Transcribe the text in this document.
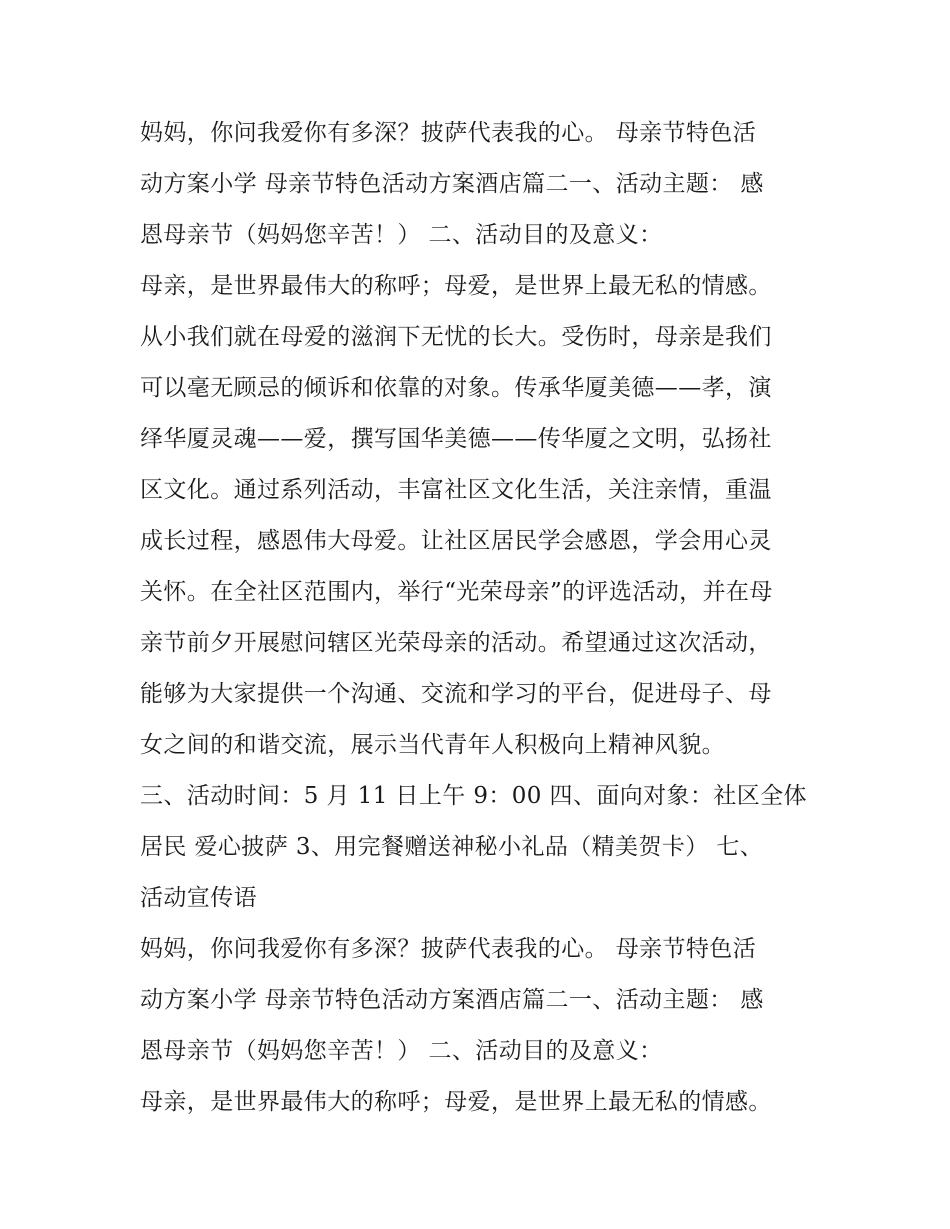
妈妈，你问我爱你有多深？披萨代表我的心。 母亲节特色活
动方案小学 母亲节特色活动方案酒店篇二一、活动主题： 感
恩母亲节（妈妈您辛苦！） 二、活动目的及意义：
母亲，是世界最伟大的称呼；母爱，是世界上最无私的情感。
从小我们就在母爱的滋润下无忧的长大。受伤时，母亲是我们
可以毫无顾忌的倾诉和依靠的对象。传承华厦美德——孝，演
绎华厦灵魂——爱，撰写国华美德——传华厦之文明，弘扬社
区文化。通过系列活动，丰富社区文化生活，关注亲情，重温
成长过程，感恩伟大母爱。让社区居民学会感恩，学会用心灵
关怀。在全社区范围内，举行“光荣母亲”的评选活动，并在母
亲节前夕开展慰问辖区光荣母亲的活动。希望通过这次活动，
能够为大家提供一个沟通、交流和学习的平台，促进母子、母
女之间的和谐交流，展示当代青年人积极向上精神风貌。
三、活动时间：5 月 11 日上午 9：00 四、面向对象：社区全体
居民 爱心披萨 3、用完餐赠送神秘小礼品（精美贺卡） 七、
活动宣传语
妈妈，你问我爱你有多深？披萨代表我的心。 母亲节特色活
动方案小学 母亲节特色活动方案酒店篇二一、活动主题： 感
恩母亲节（妈妈您辛苦！） 二、活动目的及意义：
母亲，是世界最伟大的称呼；母爱，是世界上最无私的情感。
